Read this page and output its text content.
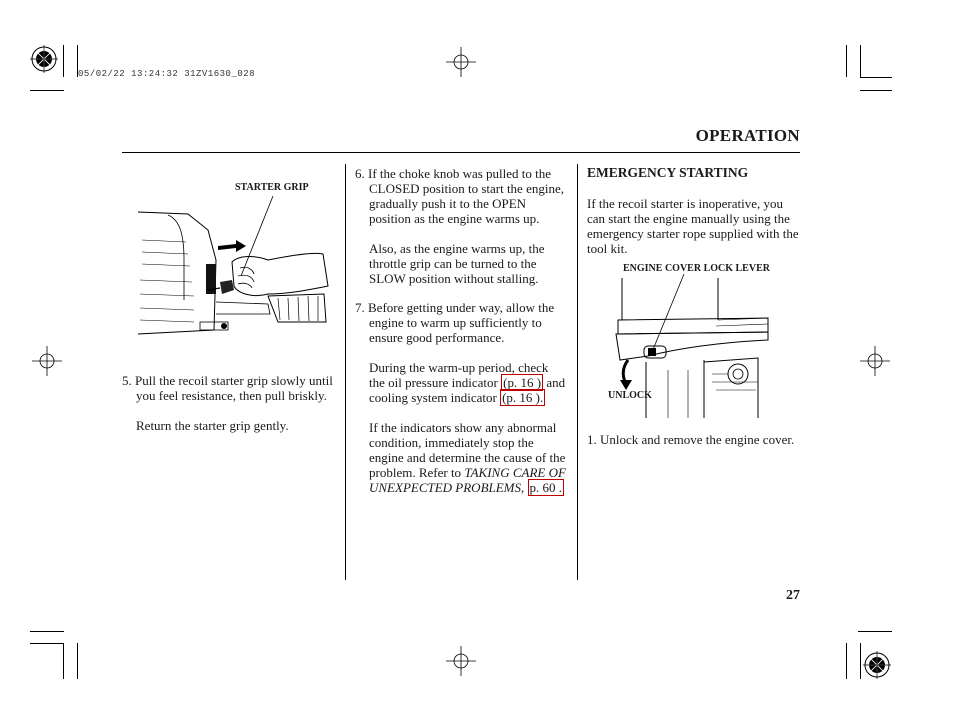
05/02/22 13:24:32 31ZV1630_028
OPERATION
STARTER GRIP
5. Pull the recoil starter grip slowly until you feel resistance, then pull briskly.
Return the starter grip gently.
6. If the choke knob was pulled to the CLOSED position to start the engine, gradually push it to the OPEN position as the engine warms up.
Also, as the engine warms up, the throttle grip can be turned to the SLOW position without stalling.
7. Before getting under way, allow the engine to warm up sufficiently to ensure good performance.
During the warm-up period, check the oil pressure indicator (p. 16 ) and cooling system indicator (p. 16 ).
If the indicators show any abnormal condition, immediately stop the engine and determine the cause of the problem. Refer to TAKING CARE OF UNEXPECTED PROBLEMS, p. 60 .
EMERGENCY STARTING
If the recoil starter is inoperative, you can start the engine manually using the emergency starter rope supplied with the tool kit.
ENGINE COVER LOCK LEVER
UNLOCK
1. Unlock and remove the engine cover.
27
